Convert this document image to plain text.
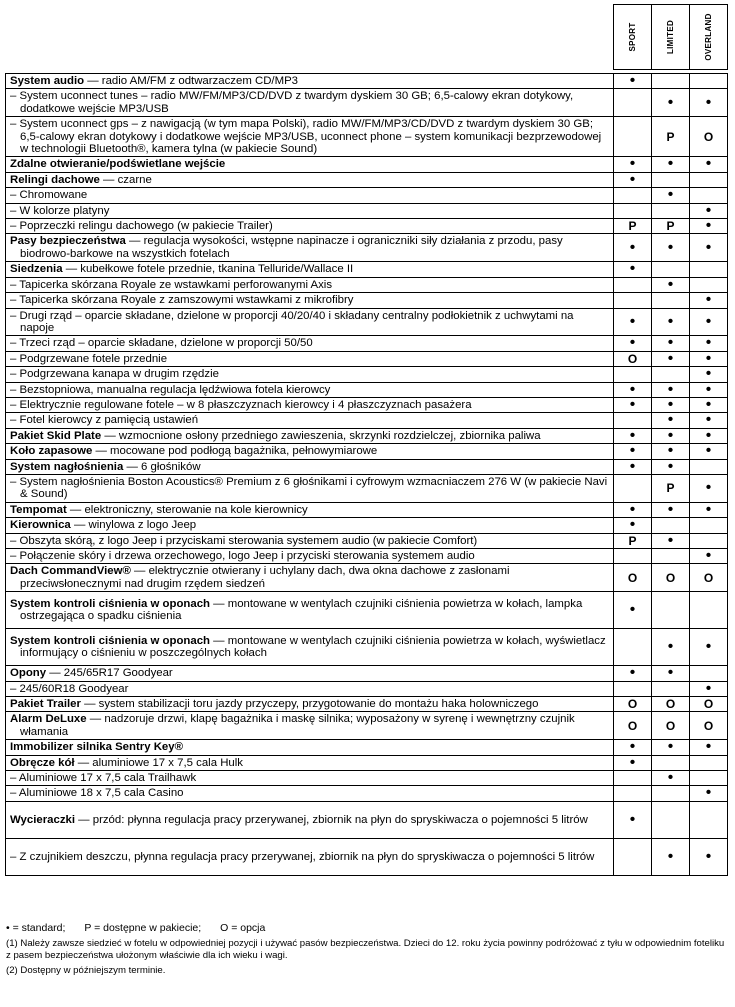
	SPORT	LIMITED	OVERLAND

System audio — radio AM/FM z odtwarzaczem CD/MP3	•		

– System uconnect tunes – radio MW/FM/MP3/CD/DVD z twardym dyskiem 30 GB; 6,5-calowy ekran dotykowy, dodatkowe wejście MP3/USB		•	•

– System uconnect gps – z nawigacją (w tym mapa Polski), radio MW/FM/MP3/CD/DVD z twardym dyskiem 30 GB; 6,5-calowy ekran dotykowy i dodatkowe wejście MP3/USB, uconnect phone – system komunikacji bezprzewodowej w technologii Bluetooth®, kamera tylna (w pakiecie Sound)		P	O

Zdalne otwieranie/podświetlane wejście	•	•	•

Relingi dachowe — czarne	•		

– Chromowane		•	

– W kolorze platyny			•

– Poprzeczki relingu dachowego (w pakiecie Trailer)	P	P	•

Pasy bezpieczeństwa — regulacja wysokości, wstępne napinacze i ograniczniki siły działania z przodu, pasy biodrowo-barkowe na wszystkich fotelach	•	•	•

Siedzenia — kubełkowe fotele przednie, tkanina Telluride/Wallace II	•		

– Tapicerka skórzana Royale ze wstawkami perforowanymi Axis		•	

– Tapicerka skórzana Royale z zamszowymi wstawkami z mikrofibry			•

– Drugi rząd – oparcie składane, dzielone w proporcji 40/20/40 i składany centralny podłokietnik z uchwytami na napoje	•	•	•

– Trzeci rząd – oparcie składane, dzielone w proporcji 50/50	•	•	•

– Podgrzewane fotele przednie	O	•	•

– Podgrzewana kanapa w drugim rzędzie			•

– Bezstopniowa, manualna regulacja lędźwiowa fotela kierowcy	•	•	•

– Elektrycznie regulowane fotele – w 8 płaszczyznach kierowcy i 4 płaszczyznach pasażera	•	•	•

– Fotel kierowcy z pamięcią ustawień		•	•

Pakiet Skid Plate — wzmocnione osłony przedniego zawieszenia, skrzynki rozdzielczej, zbiornika paliwa	•	•	•

Koło zapasowe — mocowane pod podłogą bagażnika, pełnowymiarowe	•	•	•

System nagłośnienia — 6 głośników	•	•	

– System nagłośnienia Boston Acoustics® Premium z 6 głośnikami i cyfrowym wzmacniaczem 276 W (w pakiecie Navi & Sound)		P	•

Tempomat — elektroniczny, sterowanie na kole kierownicy	•	•	•

Kierownica — winylowa z logo Jeep	•		

– Obszyta skórą, z logo Jeep i przyciskami sterowania systemem audio (w pakiecie Comfort)	P	•	

– Połączenie skóry i drzewa orzechowego, logo Jeep i przyciski sterowania systemem audio			•

Dach CommandView® — elektrycznie otwierany i uchylany dach, dwa okna dachowe z zasłonami przeciwsłonecznymi nad drugim rzędem siedzeń	O	O	O

System kontroli ciśnienia w oponach — montowane w wentylach czujniki ciśnienia powietrza w kołach, lampka ostrzegająca o spadku ciśnienia	•		

System kontroli ciśnienia w oponach — montowane w wentylach czujniki ciśnienia powietrza w kołach, wyświetlacz informujący o ciśnieniu w poszczególnych kołach		•	•

Opony — 245/65R17 Goodyear	•	•	

– 245/60R18 Goodyear			•

Pakiet Trailer — system stabilizacji toru jazdy przyczepy, przygotowanie do montażu haka holowniczego	O	O	O

Alarm DeLuxe — nadzoruje drzwi, klapę bagażnika i maskę silnika; wyposażony w syrenę i wewnętrzny czujnik włamania	O	O	O

Immobilizer silnika Sentry Key®	•	•	•

Obręcze kół — aluminiowe 17 x 7,5 cala Hulk	•		

– Aluminiowe 17 x 7,5 cala Trailhawk		•	

– Aluminiowe 18 x 7,5 cala Casino			•

Wycieraczki — przód: płynna regulacja pracy przerywanej, zbiornik na płyn do spryskiwacza o pojemności 5 litrów	•		

– Z czujnikiem deszczu, płynna regulacja pracy przerywanej, zbiornik na płyn do spryskiwacza o pojemności 5 litrów		•	•

• = standard; P = dostępne w pakiecie; O = opcja

(1) Należy zawsze siedzieć w fotelu w odpowiedniej pozycji i używać pasów bezpieczeństwa. Dzieci do 12. roku życia powinny podróżować z tyłu w odpowiednim foteliku z pasem bezpieczeństwa ułożonym właściwie dla ich wieku i wagi.

(2) Dostępny w późniejszym terminie.
